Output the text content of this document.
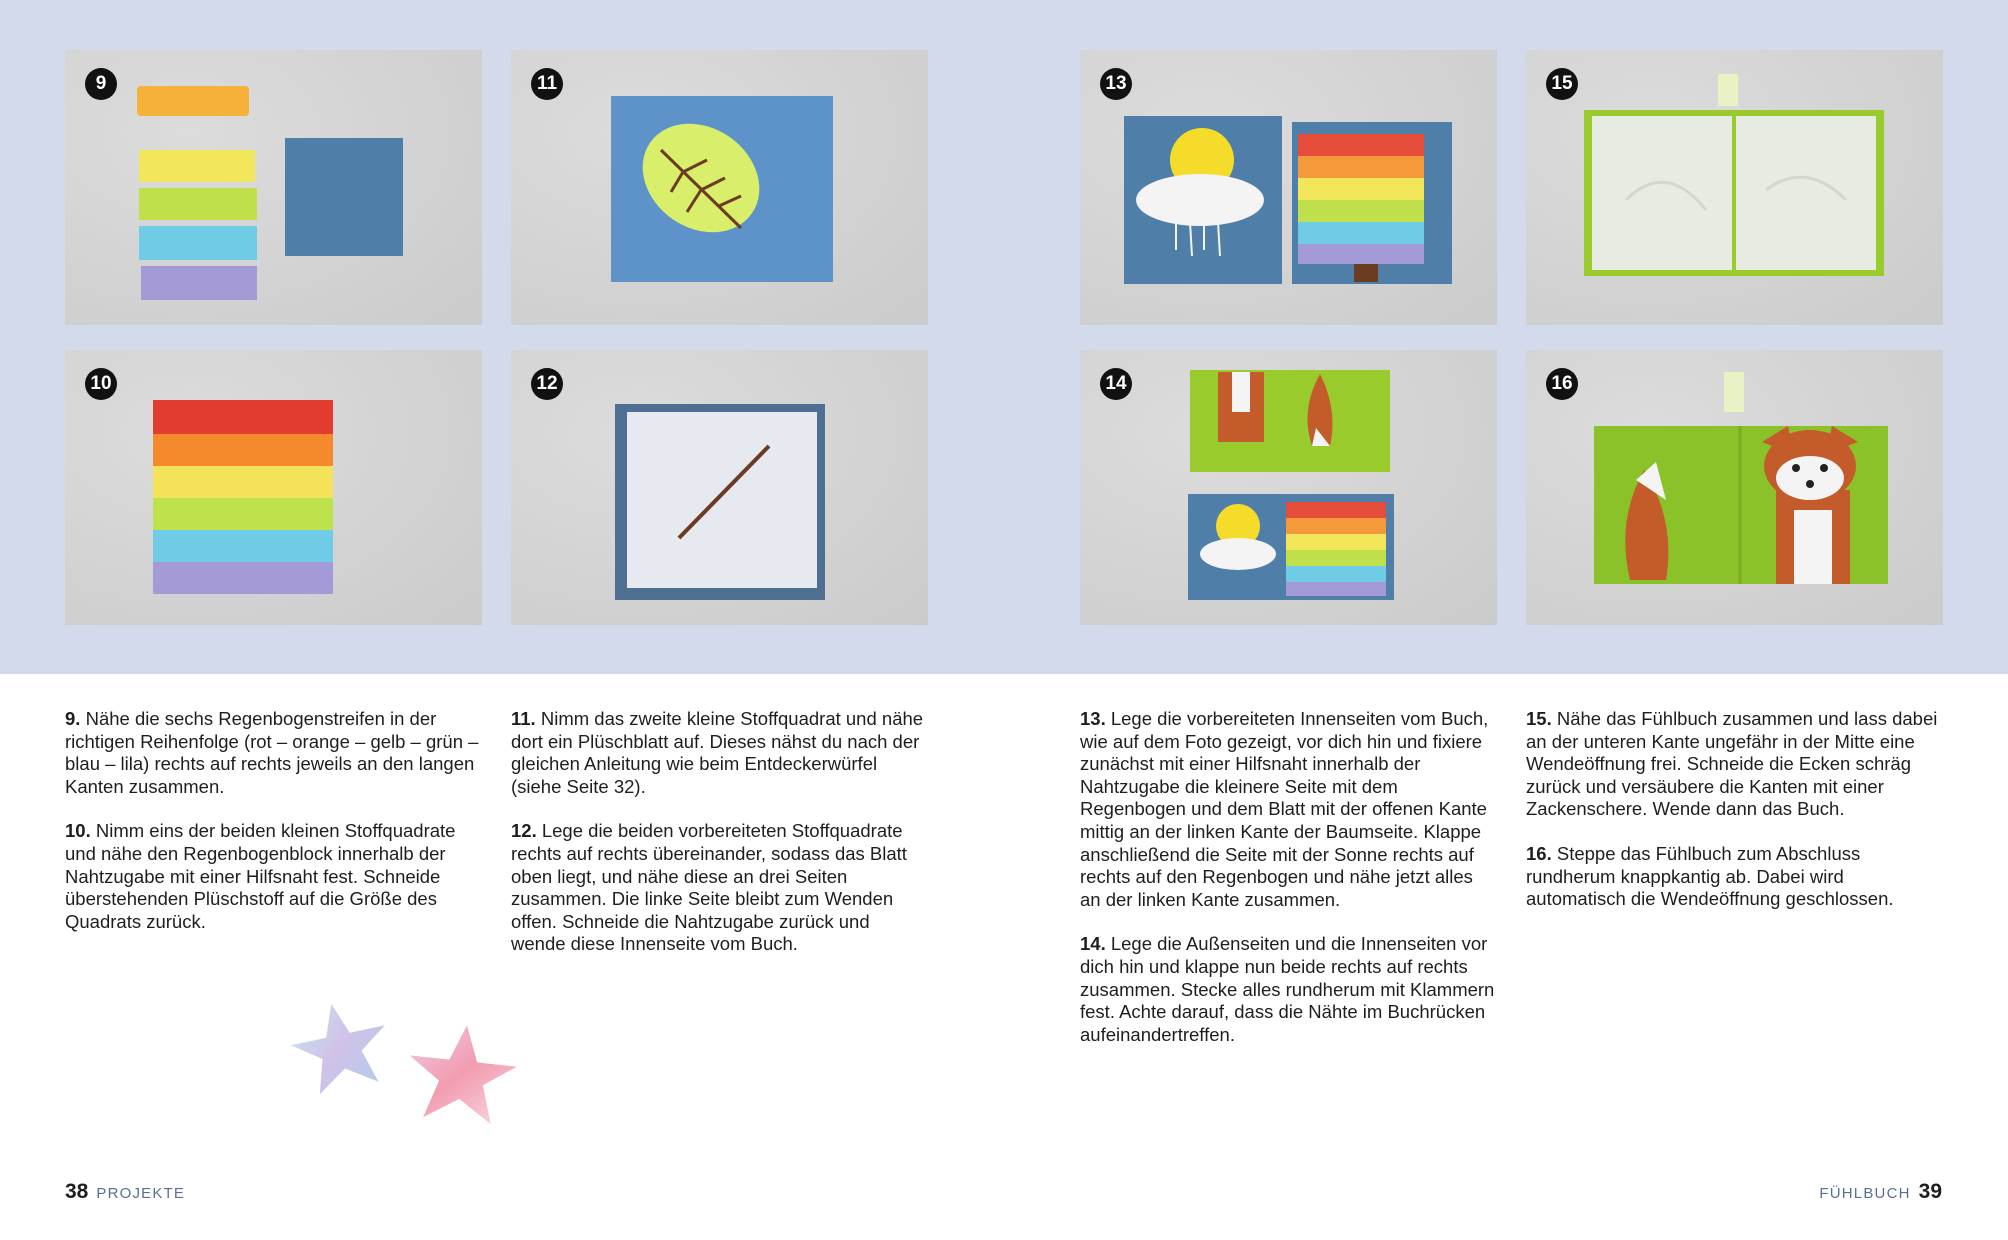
9	11	13	15
10	12	14	16

9. Nähe die sechs Regenbogenstreifen in der richtigen Reihenfolge (rot – orange – gelb – grün – blau – lila) rechts auf rechts jeweils an den langen Kanten zusammen.

10. Nimm eins der beiden kleinen Stoffquadrate und nähe den Regenbogenblock innerhalb der Nahtzugabe mit einer Hilfsnaht fest. Schneide überstehenden Plüschstoff auf die Größe des Quadrats zurück.

11. Nimm das zweite kleine Stoffquadrat und nähe dort ein Plüschblatt auf. Dieses nähst du nach der gleichen Anleitung wie beim Entdeckerwürfel (siehe Seite 32).

12. Lege die beiden vorbereiteten Stoffquadrate rechts auf rechts übereinander, sodass das Blatt oben liegt, und nähe diese an drei Seiten zusammen. Die linke Seite bleibt zum Wenden offen. Schneide die Nahtzugabe zurück und wende diese Innenseite vom Buch.

13. Lege die vorbereiteten Innenseiten vom Buch, wie auf dem Foto gezeigt, vor dich hin und fixiere zunächst mit einer Hilfsnaht innerhalb der Nahtzugabe die kleinere Seite mit dem Regenbogen und dem Blatt mit der offenen Kante mittig an der linken Kante der Baumseite. Klappe anschließend die Seite mit der Sonne rechts auf rechts auf den Regenbogen und nähe jetzt alles an der linken Kante zusammen.

14. Lege die Außenseiten und die Innenseiten vor dich hin und klappe nun beide rechts auf rechts zusammen. Stecke alles rundherum mit Klammern fest. Achte darauf, dass die Nähte im Buchrücken aufeinandertreffen.

15. Nähe das Fühlbuch zusammen und lass dabei an der unteren Kante ungefähr in der Mitte eine Wendeöffnung frei. Schneide die Ecken schräg zurück und versäubere die Kanten mit einer Zackenschere. Wende dann das Buch.

16. Steppe das Fühlbuch zum Abschluss rundherum knappkantig ab. Dabei wird automatisch die Wendeöffnung geschlossen.

38 PROJEKTE	FÜHLBUCH 39
